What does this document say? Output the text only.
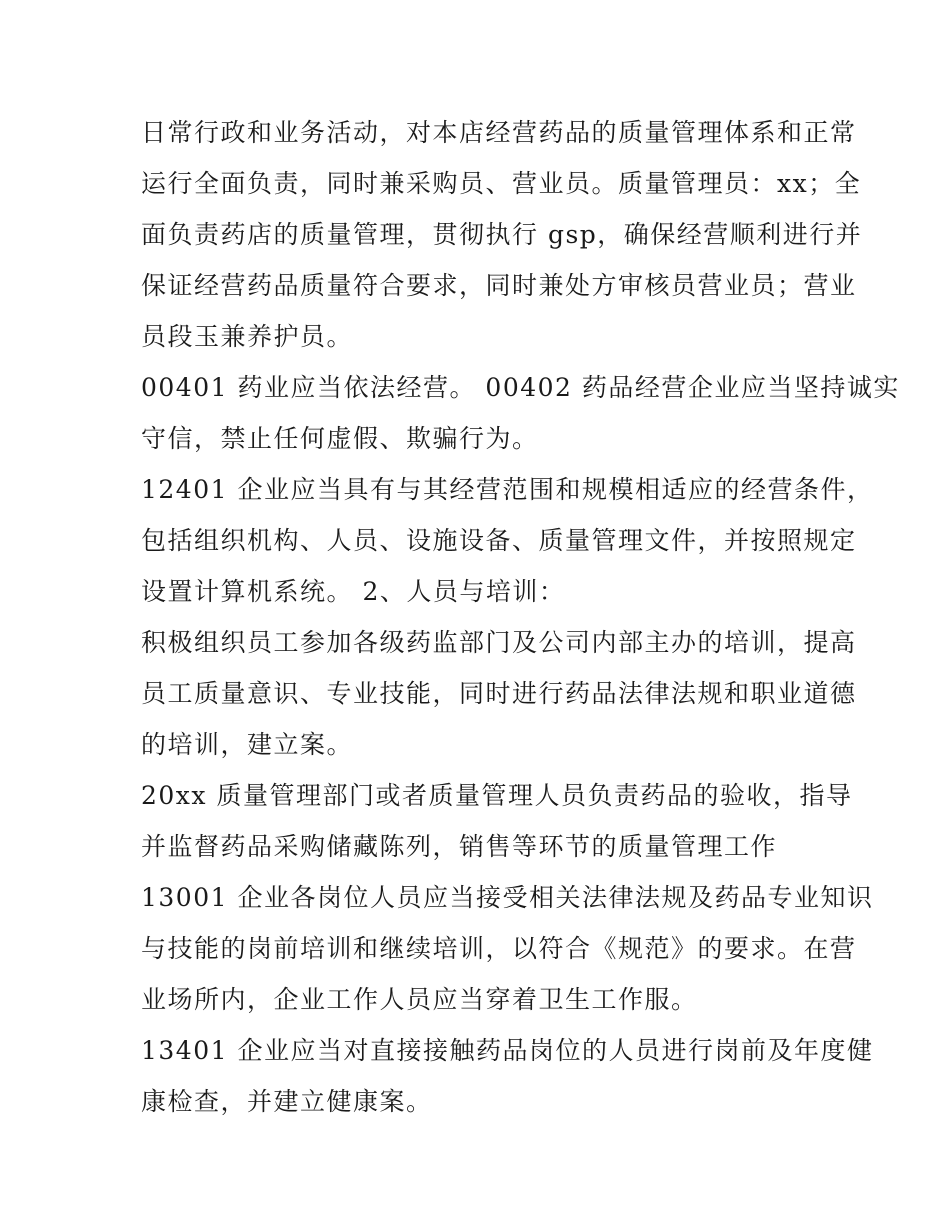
日常行政和业务活动，对本店经营药品的质量管理体系和正常
运行全面负责，同时兼采购员、营业员。质量管理员：xx；全
面负责药店的质量管理，贯彻执行 gsp，确保经营顺利进行并
保证经营药品质量符合要求，同时兼处方审核员营业员；营业
员段玉兼养护员。

00401 药业应当依法经营。 00402 药品经营企业应当坚持诚实
守信，禁止任何虚假、欺骗行为。

12401 企业应当具有与其经营范围和规模相适应的经营条件，
包括组织机构、人员、设施设备、质量管理文件，并按照规定
设置计算机系统。 2、人员与培训：

积极组织员工参加各级药监部门及公司内部主办的培训，提高
员工质量意识、专业技能，同时进行药品法律法规和职业道德
的培训，建立案。

20xx 质量管理部门或者质量管理人员负责药品的验收，指导
并监督药品采购储藏陈列，销售等环节的质量管理工作

13001 企业各岗位人员应当接受相关法律法规及药品专业知识
与技能的岗前培训和继续培训，以符合《规范》的要求。在营
业场所内，企业工作人员应当穿着卫生工作服。

13401 企业应当对直接接触药品岗位的人员进行岗前及年度健
康检查，并建立健康案。
